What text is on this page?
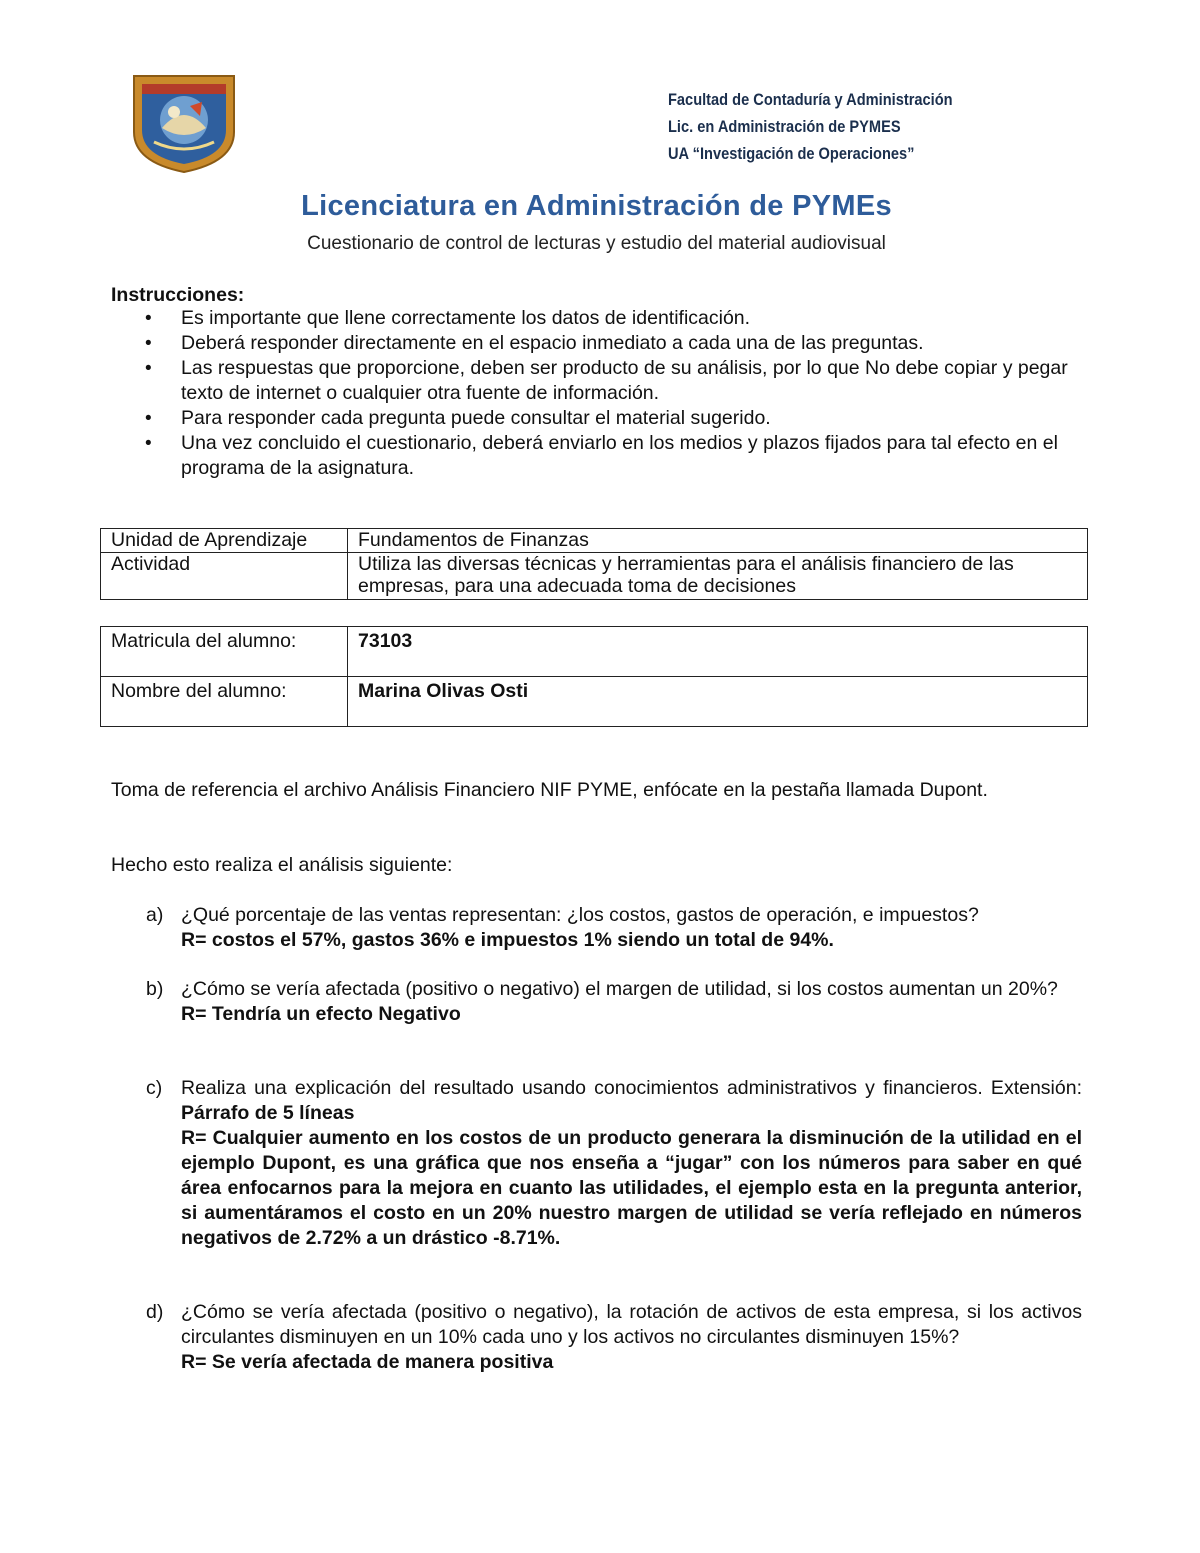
Facultad de Contaduría y Administración
Lic. en Administración de PYMES
UA “Investigación de Operaciones”
Licenciatura en Administración de PYMEs
Cuestionario de control de lecturas y estudio del material audiovisual
Instrucciones:
• Es importante que llene correctamente los datos de identificación.
• Deberá responder directamente en el espacio inmediato a cada una de las preguntas.
• Las respuestas que proporcione, deben ser producto de su análisis, por lo que No debe copiar y pegar texto de internet o cualquier otra fuente de información.
• Para responder cada pregunta puede consultar el material sugerido.
• Una vez concluido el cuestionario, deberá enviarlo en los medios y plazos fijados para tal efecto en el programa de la asignatura.
Unidad de Aprendizaje	Fundamentos de Finanzas
Actividad	Utiliza las diversas técnicas y herramientas para el análisis financiero de las empresas, para una adecuada toma de decisiones
Matricula del alumno:	73103
Nombre del alumno:	Marina Olivas Osti
Toma de referencia el archivo Análisis Financiero NIF PYME, enfócate en la pestaña llamada Dupont.
Hecho esto realiza el análisis siguiente:
a) ¿Qué porcentaje de las ventas representan: ¿los costos, gastos de operación, e impuestos?
R= costos el 57%, gastos 36% e impuestos 1% siendo un total de 94%.
b) ¿Cómo se vería afectada (positivo o negativo) el margen de utilidad, si los costos aumentan un 20%?
R= Tendría un efecto Negativo
c) Realiza una explicación del resultado usando conocimientos administrativos y financieros. Extensión: Párrafo de 5 líneas
R= Cualquier aumento en los costos de un producto generara la disminución de la utilidad en el ejemplo Dupont, es una gráfica que nos enseña a “jugar” con los números para saber en qué área enfocarnos para la mejora en cuanto las utilidades, el ejemplo esta en la pregunta anterior, si aumentáramos el costo en un 20% nuestro margen de utilidad se vería reflejado en números negativos de 2.72% a un drástico -8.71%.
d) ¿Cómo se vería afectada (positivo o negativo), la rotación de activos de esta empresa, si los activos circulantes disminuyen en un 10% cada uno y los activos no circulantes disminuyen 15%?
R= Se vería afectada de manera positiva
